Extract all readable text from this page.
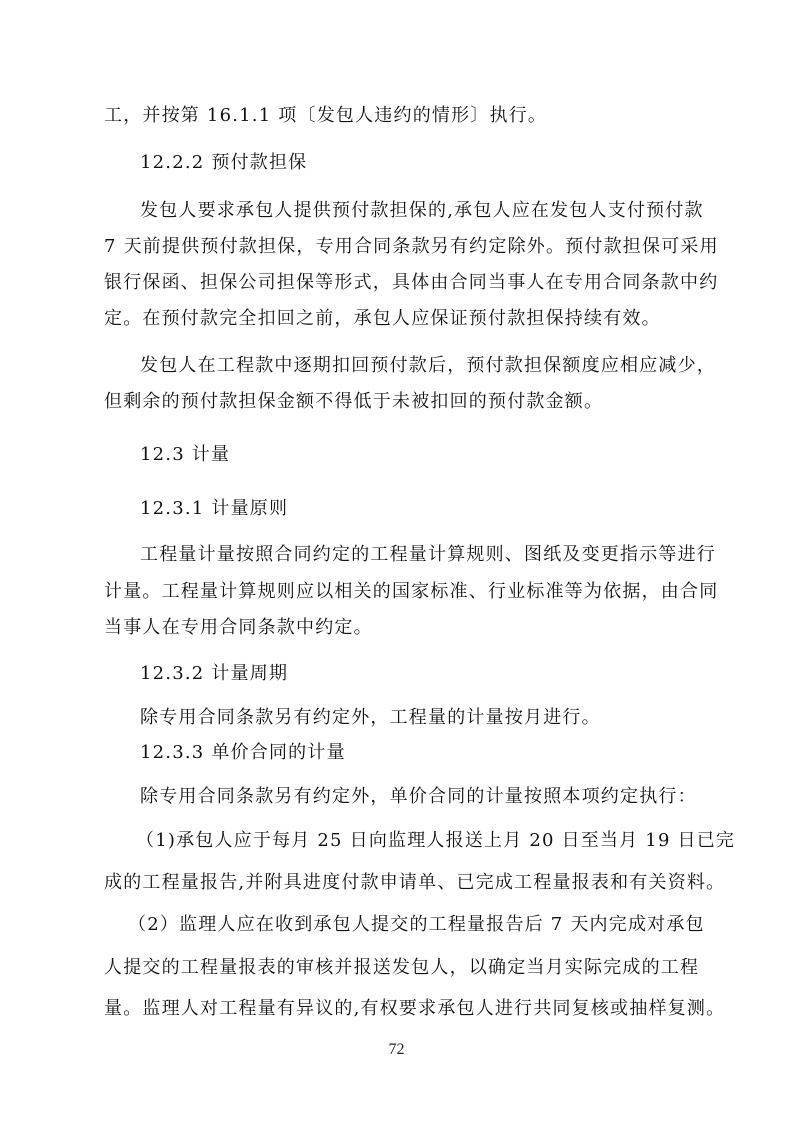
工，并按第 16.1.1 项〔发包人违约的情形〕执行。
12.2.2 预付款担保
发包人要求承包人提供预付款担保的,承包人应在发包人支付预付款
7 天前提供预付款担保，专用合同条款另有约定除外。预付款担保可采用
银行保函、担保公司担保等形式，具体由合同当事人在专用合同条款中约
定。在预付款完全扣回之前，承包人应保证预付款担保持续有效。
发包人在工程款中逐期扣回预付款后，预付款担保额度应相应减少，
但剩余的预付款担保金额不得低于未被扣回的预付款金额。
12.3 计量
12.3.1 计量原则
工程量计量按照合同约定的工程量计算规则、图纸及变更指示等进行
计量。工程量计算规则应以相关的国家标准、行业标准等为依据，由合同
当事人在专用合同条款中约定。
12.3.2 计量周期
除专用合同条款另有约定外，工程量的计量按月进行。
12.3.3 单价合同的计量
除专用合同条款另有约定外，单价合同的计量按照本项约定执行：
（1)承包人应于每月 25 日向监理人报送上月 20 日至当月 19 日已完
成的工程量报告,并附具进度付款申请单、已完成工程量报表和有关资料。
（2）监理人应在收到承包人提交的工程量报告后 7 天内完成对承包
人提交的工程量报表的审核并报送发包人，以确定当月实际完成的工程
量。监理人对工程量有异议的,有权要求承包人进行共同复核或抽样复测。
72
